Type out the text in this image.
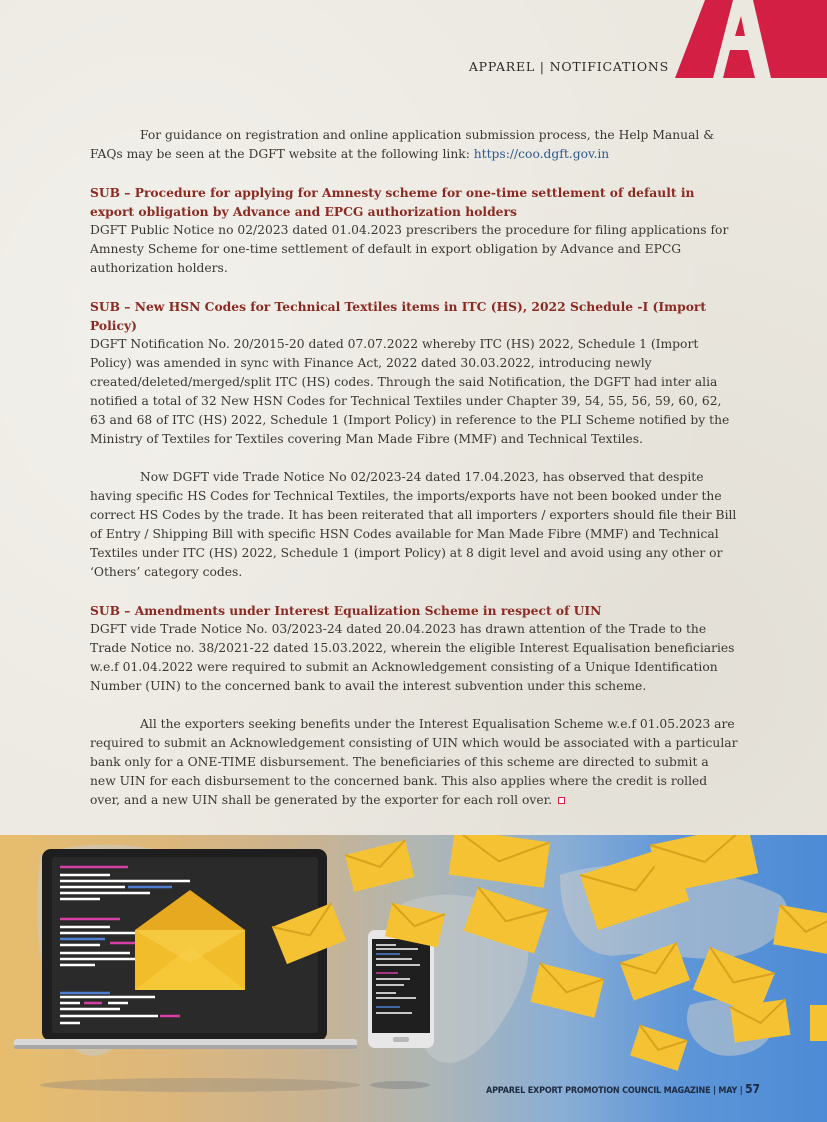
APPAREL | NOTIFICATIONS

For guidance on registration and online application submission process, the Help Manual & FAQs may be seen at the DGFT website at the following link: https://coo.dgft.gov.in

SUB – Procedure for applying for Amnesty scheme for one-time settlement of default in export obligation by Advance and EPCG authorization holders

DGFT Public Notice no 02/2023 dated 01.04.2023 prescribers the procedure for filing applications for Amnesty Scheme for one-time settlement of default in export obligation by Advance and EPCG authorization holders.

SUB – New HSN Codes for Technical Textiles items in ITC (HS), 2022 Schedule -I (Import Policy)

DGFT Notification No. 20/2015-20 dated 07.07.2022 whereby ITC (HS) 2022, Schedule 1 (Import Policy) was amended in sync with Finance Act, 2022 dated 30.03.2022, introducing newly created/deleted/merged/split ITC (HS) codes. Through the said Notification, the DGFT had inter alia notified a total of 32 New HSN Codes for Technical Textiles under Chapter 39, 54, 55, 56, 59, 60, 62, 63 and 68 of ITC (HS) 2022, Schedule 1 (Import Policy) in reference to the PLI Scheme notified by the Ministry of Textiles for Textiles covering Man Made Fibre (MMF) and Technical Textiles.

Now DGFT vide Trade Notice No 02/2023-24 dated 17.04.2023, has observed that despite having specific HS Codes for Technical Textiles, the imports/exports have not been booked under the correct HS Codes by the trade. It has been reiterated that all importers / exporters should file their Bill of Entry / Shipping Bill with specific HSN Codes available for Man Made Fibre (MMF) and Technical Textiles under ITC (HS) 2022, Schedule 1 (import Policy) at 8 digit level and avoid using any other or ‘Others’ category codes.

SUB – Amendments under Interest Equalization Scheme in respect of UIN

DGFT vide Trade Notice No. 03/2023-24 dated 20.04.2023 has drawn attention of the Trade to the Trade Notice no. 38/2021-22 dated 15.03.2022, wherein the eligible Interest Equalisation beneficiaries w.e.f 01.04.2022 were required to submit an Acknowledgement consisting of a Unique Identification Number (UIN) to the concerned bank to avail the interest subvention under this scheme.

All the exporters seeking benefits under the Interest Equalisation Scheme w.e.f 01.05.2023 are required to submit an Acknowledgement consisting of UIN which would be associated with a particular bank only for a ONE-TIME disbursement. The beneficiaries of this scheme are directed to submit a new UIN for each disbursement to the concerned bank. This also applies where the credit is rolled over, and a new UIN shall be generated by the exporter for each roll over.

APPAREL EXPORT PROMOTION COUNCIL MAGAZINE | MAY | 57
